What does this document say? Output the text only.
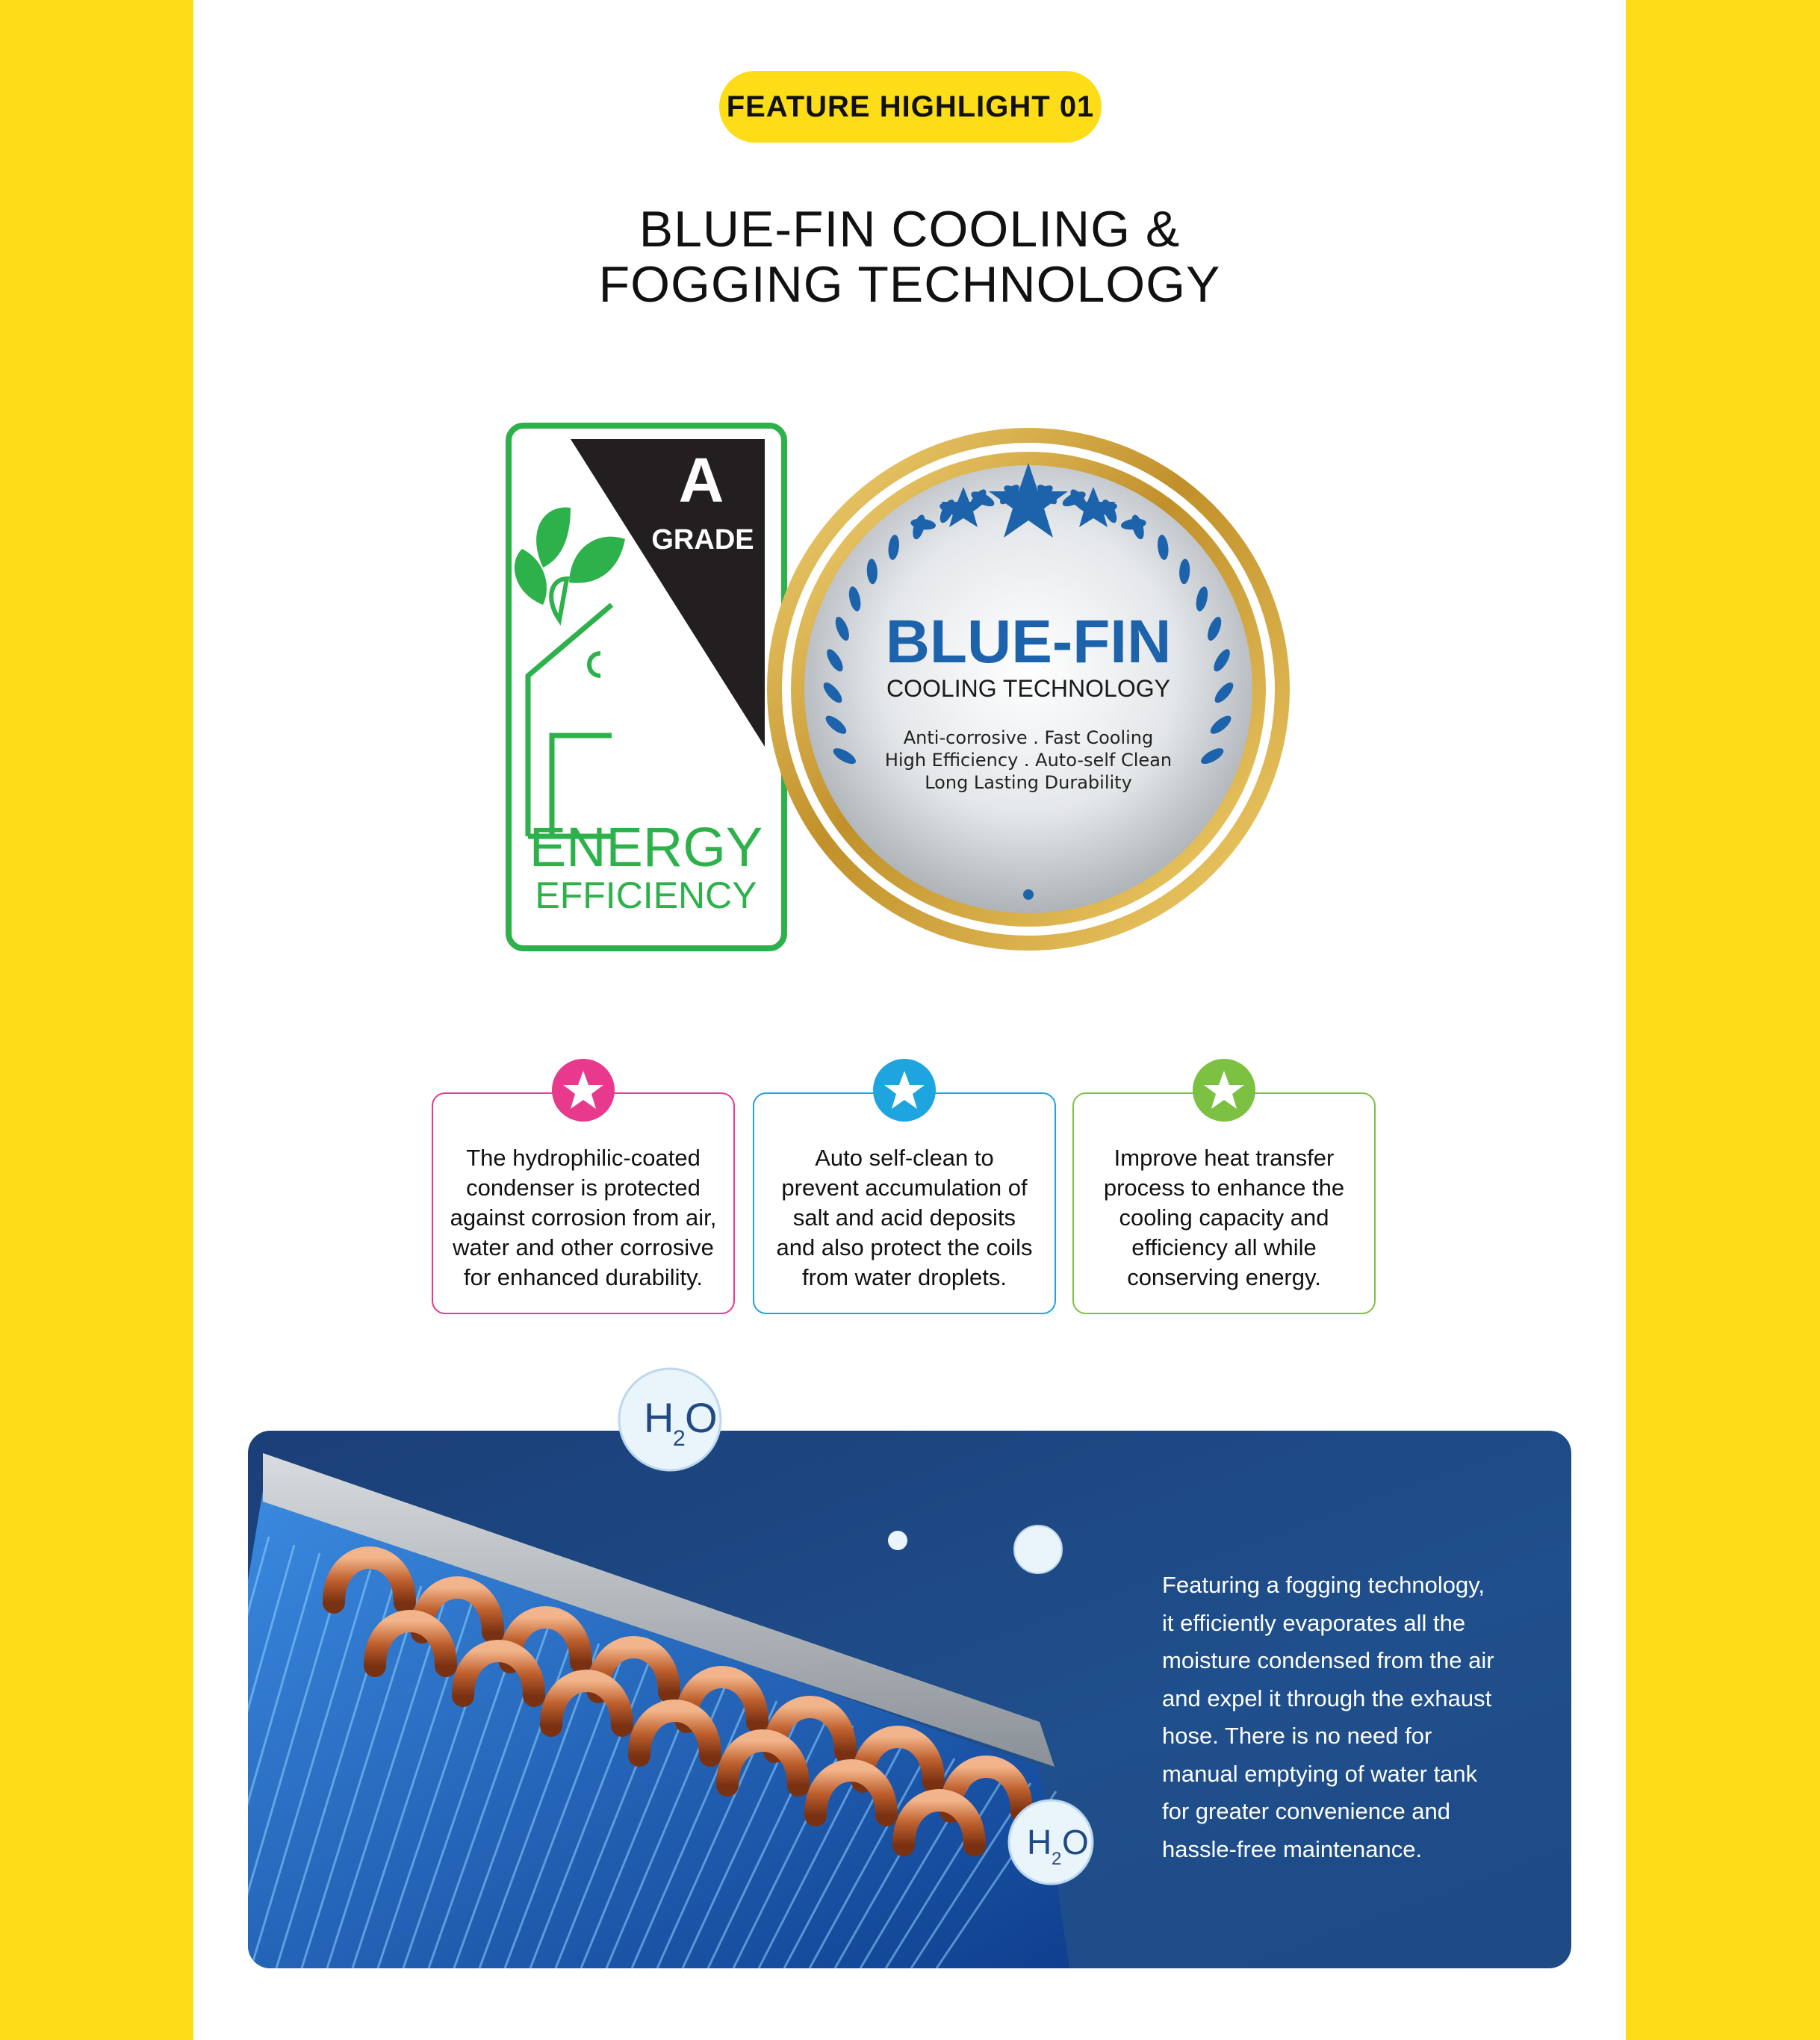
FEATURE HIGHLIGHT 01
BLUE-FIN COOLING &
FOGGING TECHNOLOGY
A
GRADE
ENERGY
EFFICIENCY
BLUE-FIN
COOLING TECHNOLOGY
Anti-corrosive . Fast Cooling
High Efficiency . Auto-self Clean
Long Lasting Durability
The hydrophilic-coated
condenser is protected
against corrosion from air,
water and other corrosive
for enhanced durability.
Auto self-clean to
prevent accumulation of
salt and acid deposits
and also protect the coils
from water droplets.
Improve heat transfer
process to enhance the
cooling capacity and
efficiency all while
conserving energy.
H
2 O
H 2 O
Featuring a fogging technology,
it efficiently evaporates all the
moisture condensed from the air
and expel it through the exhaust
hose. There is no need for
manual emptying of water tank
for greater convenience and
hassle-free maintenance.
